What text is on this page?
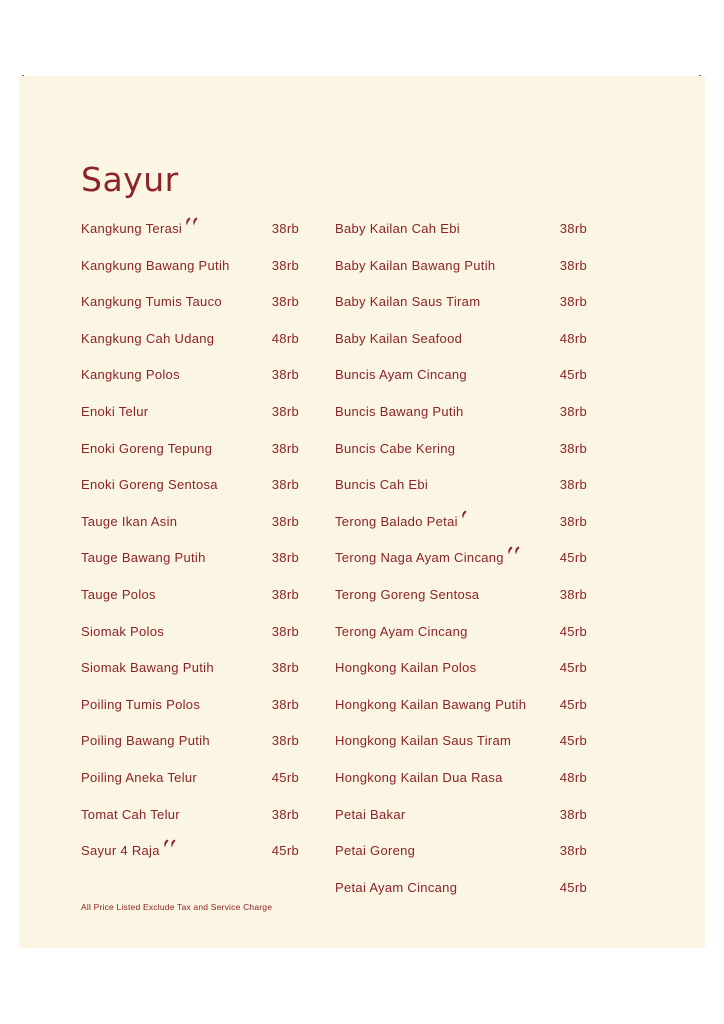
Sayur
Kangkung Terasi	38rb
Kangkung Bawang Putih	38rb
Kangkung Tumis Tauco	38rb
Kangkung Cah Udang	48rb
Kangkung Polos	38rb
Enoki Telur	38rb
Enoki Goreng Tepung	38rb
Enoki Goreng Sentosa	38rb
Tauge Ikan Asin	38rb
Tauge Bawang Putih	38rb
Tauge Polos	38rb
Siomak Polos	38rb
Siomak Bawang Putih	38rb
Poiling Tumis Polos	38rb
Poiling Bawang Putih	38rb
Poiling Aneka Telur	45rb
Tomat Cah Telur	38rb
Sayur 4 Raja	45rb
Baby Kailan Cah Ebi	38rb
Baby Kailan Bawang Putih	38rb
Baby Kailan Saus Tiram	38rb
Baby Kailan Seafood	48rb
Buncis Ayam Cincang	45rb
Buncis Bawang Putih	38rb
Buncis Cabe Kering	38rb
Buncis Cah Ebi	38rb
Terong Balado Petai	38rb
Terong Naga Ayam Cincang	45rb
Terong Goreng Sentosa	38rb
Terong Ayam Cincang	45rb
Hongkong Kailan Polos	45rb
Hongkong Kailan Bawang Putih	45rb
Hongkong Kailan Saus Tiram	45rb
Hongkong Kailan Dua Rasa	48rb
Petai Bakar	38rb
Petai Goreng	38rb
Petai Ayam Cincang	45rb
All Price Listed Exclude Tax and Service Charge
